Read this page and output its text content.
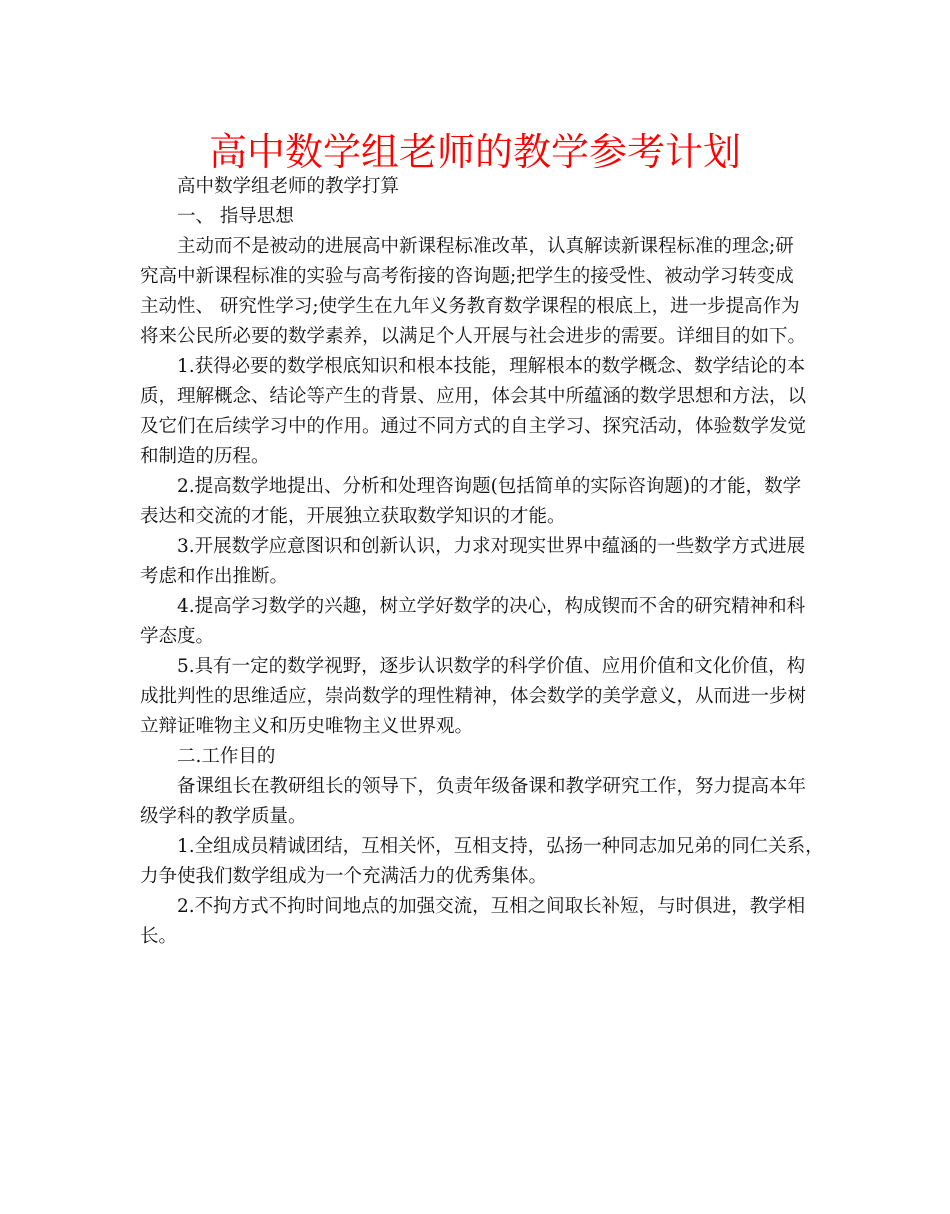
高中数学组老师的教学参考计划
高中数学组老师的教学打算
一、 指导思想
主动而不是被动的进展高中新课程标准改革，认真解读新课程标准的理念;研
究高中新课程标准的实验与高考衔接的咨询题;把学生的接受性、被动学习转变成
主动性、 研究性学习;使学生在九年义务教育数学课程的根底上，进一步提高作为
将来公民所必要的数学素养，以满足个人开展与社会进步的需要。详细目的如下。
1.获得必要的数学根底知识和根本技能，理解根本的数学概念、数学结论的本
质，理解概念、结论等产生的背景、应用，体会其中所蕴涵的数学思想和方法，以
及它们在后续学习中的作用。通过不同方式的自主学习、探究活动，体验数学发觉
和制造的历程。
2.提高数学地提出、分析和处理咨询题(包括简单的实际咨询题)的才能，数学
表达和交流的才能，开展独立获取数学知识的才能。
3.开展数学应意图识和创新认识，力求对现实世界中蕴涵的一些数学方式进展
考虑和作出推断。
4.提高学习数学的兴趣，树立学好数学的决心，构成锲而不舍的研究精神和科
学态度。
5.具有一定的数学视野，逐步认识数学的科学价值、应用价值和文化价值，构
成批判性的思维适应，崇尚数学的理性精神，体会数学的美学意义，从而进一步树
立辩证唯物主义和历史唯物主义世界观。
二.工作目的
备课组长在教研组长的领导下，负责年级备课和教学研究工作，努力提高本年
级学科的教学质量。
1.全组成员精诚团结，互相关怀，互相支持，弘扬一种同志加兄弟的同仁关系，
力争使我们数学组成为一个充满活力的优秀集体。
2.不拘方式不拘时间地点的加强交流，互相之间取长补短，与时俱进，教学相
长。
